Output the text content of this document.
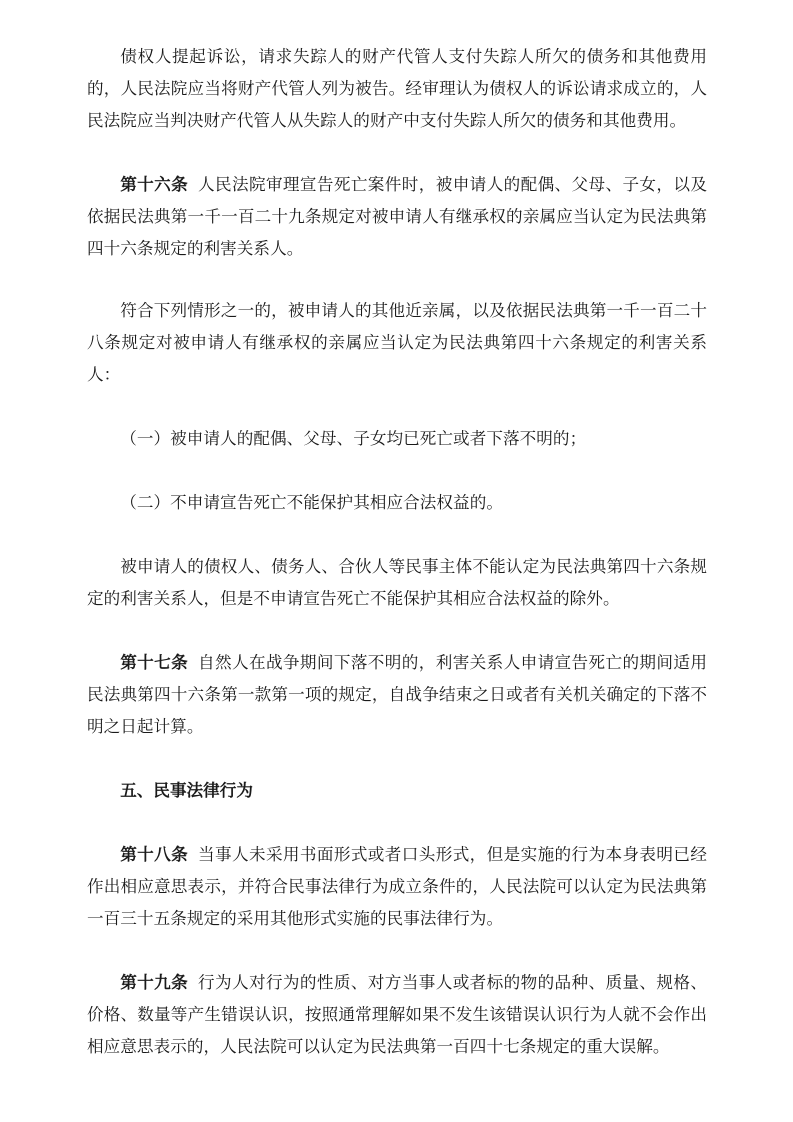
债权人提起诉讼，请求失踪人的财产代管人支付失踪人所欠的债务和其他费用的，人民法院应当将财产代管人列为被告。经审理认为债权人的诉讼请求成立的，人民法院应当判决财产代管人从失踪人的财产中支付失踪人所欠的债务和其他费用。

第十六条 人民法院审理宣告死亡案件时，被申请人的配偶、父母、子女，以及依据民法典第一千一百二十九条规定对被申请人有继承权的亲属应当认定为民法典第四十六条规定的利害关系人。

符合下列情形之一的，被申请人的其他近亲属，以及依据民法典第一千一百二十八条规定对被申请人有继承权的亲属应当认定为民法典第四十六条规定的利害关系人：

（一）被申请人的配偶、父母、子女均已死亡或者下落不明的；

（二）不申请宣告死亡不能保护其相应合法权益的。

被申请人的债权人、债务人、合伙人等民事主体不能认定为民法典第四十六条规定的利害关系人，但是不申请宣告死亡不能保护其相应合法权益的除外。

第十七条 自然人在战争期间下落不明的，利害关系人申请宣告死亡的期间适用民法典第四十六条第一款第一项的规定，自战争结束之日或者有关机关确定的下落不明之日起计算。

五、民事法律行为

第十八条 当事人未采用书面形式或者口头形式，但是实施的行为本身表明已经作出相应意思表示，并符合民事法律行为成立条件的，人民法院可以认定为民法典第一百三十五条规定的采用其他形式实施的民事法律行为。

第十九条 行为人对行为的性质、对方当事人或者标的物的品种、质量、规格、价格、数量等产生错误认识，按照通常理解如果不发生该错误认识行为人就不会作出相应意思表示的，人民法院可以认定为民法典第一百四十七条规定的重大误解。
